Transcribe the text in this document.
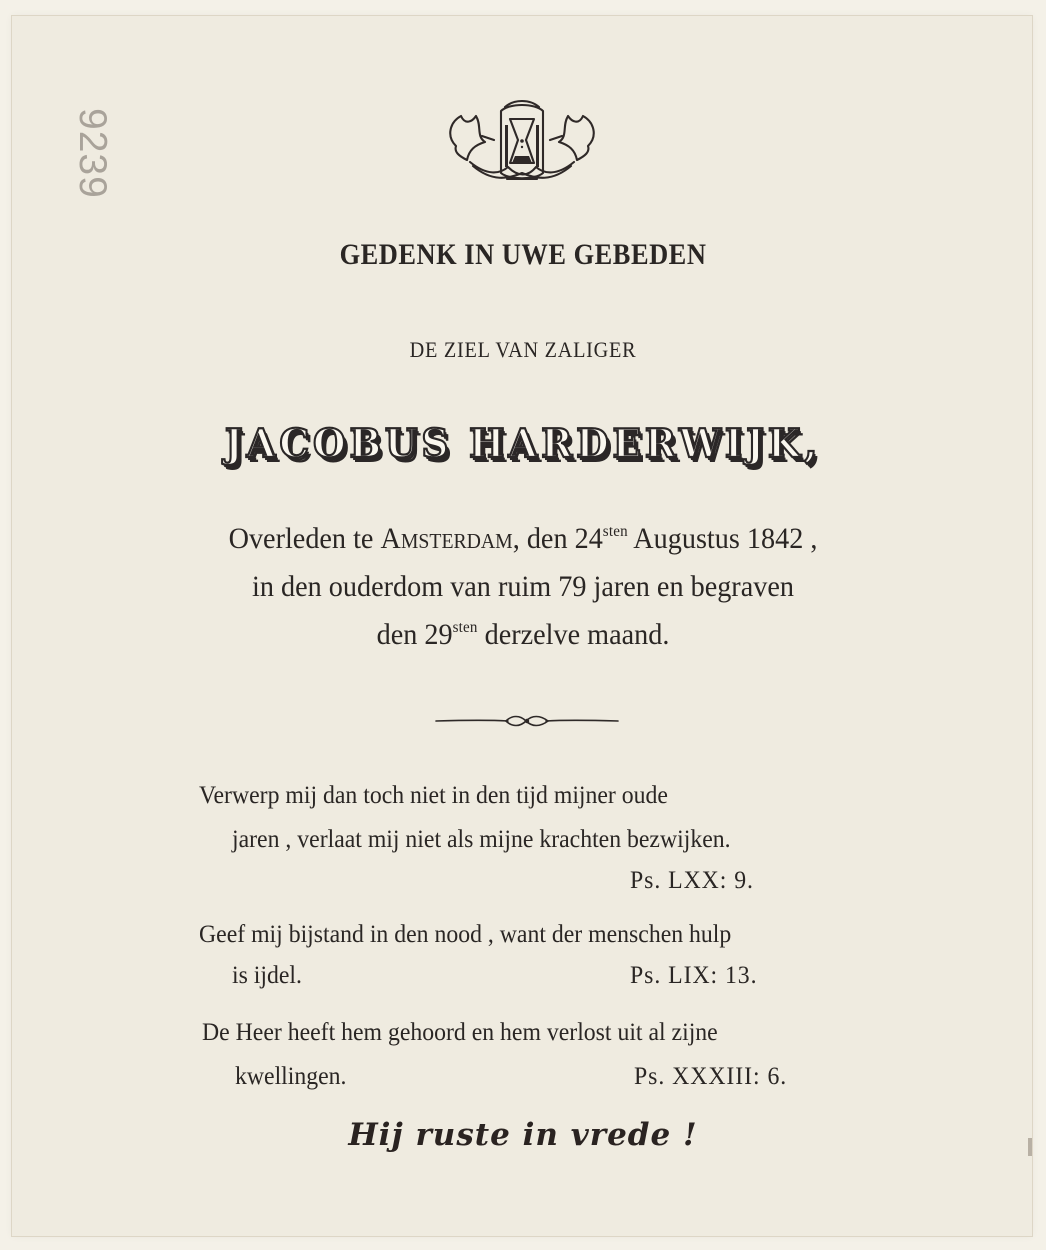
9239
GEDENK IN UWE GEBEDEN
DE ZIEL VAN ZALIGER
JACOBUS HARDERWIJK,
Overleden te Amsterdam, den $24^{sten}$ Augustus 1842 ,
in den ouderdom van ruim 79 jaren en begraven
den $29^{sten}$ derzelve maand.
Verwerp mij dan toch niet in den tijd mijner oude
jaren , verlaat mij niet als mijne krachten bezwijken.
Ps. LXX: 9.
Geef mij bijstand in den nood , want der menschen hulp
is ijdel.	Ps. LIX: 13.
De Heer heeft hem gehoord en hem verlost uit al zijne
kwellingen.	Ps. XXXIII: 6.
Hij ruste in vrede !
